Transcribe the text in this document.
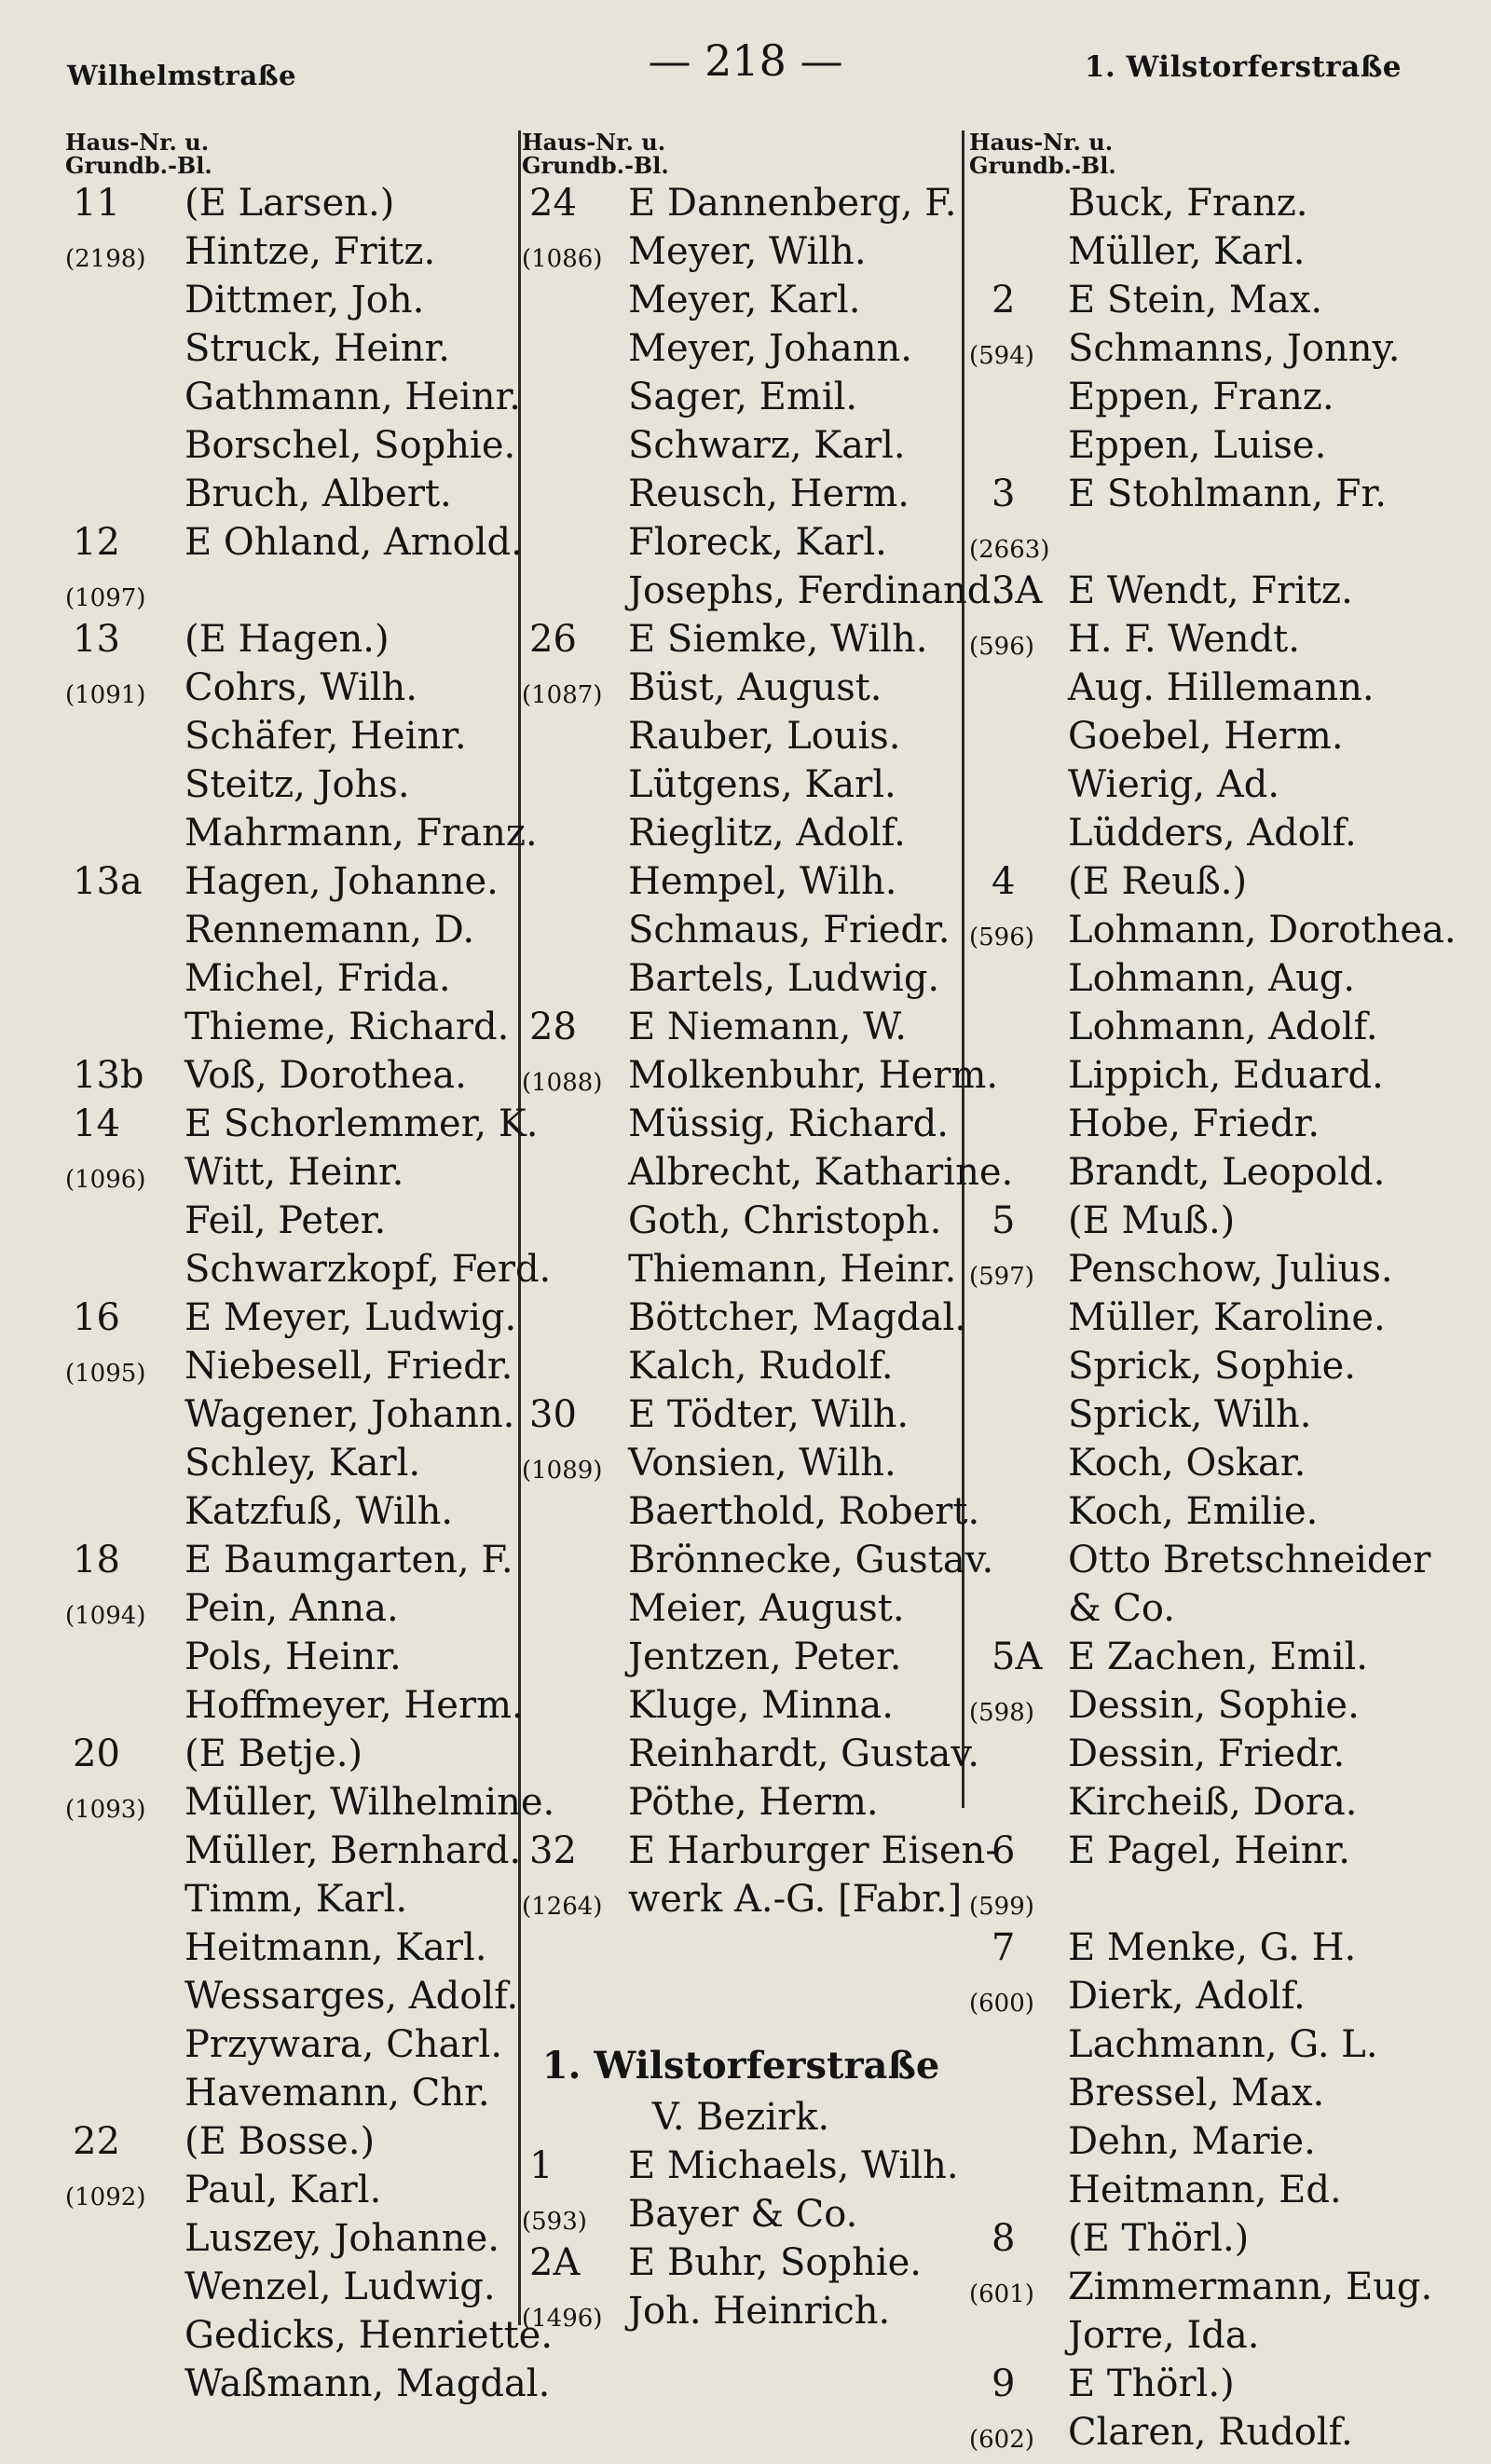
Wilhelmstraße	— 218 —	1. Wilstorferstraße
Haus-Nr. u.
Grundb.-Bl.
11 (E Larsen.)
(2198) Hintze, Fritz.
Dittmer, Joh.
Struck, Heinr.
Gathmann, Heinr.
Borschel, Sophie.
Bruch, Albert.
12 E Ohland, Arnold.
(1097)
13 (E Hagen.)
(1091) Cohrs, Wilh.
Schäfer, Heinr.
Steitz, Johs.
Mahrmann, Franz.
13a Hagen, Johanne.
Rennemann, D.
Michel, Frida.
Thieme, Richard.
13b Voß, Dorothea.
14 E Schorlemmer, K.
(1096) Witt, Heinr.
Feil, Peter.
Schwarzkopf, Ferd.
16 E Meyer, Ludwig.
(1095) Niebesell, Friedr.
Wagener, Johann.
Schley, Karl.
Katzfuß, Wilh.
18 E Baumgarten, F.
(1094) Pein, Anna.
Pols, Heinr.
Hoffmeyer, Herm.
20 (E Betje.)
(1093) Müller, Wilhelmine.
Müller, Bernhard.
Timm, Karl.
Heitmann, Karl.
Wessarges, Adolf.
Przywara, Charl.
Havemann, Chr.
22 (E Bosse.)
(1092) Paul, Karl.
Luszey, Johanne.
Wenzel, Ludwig.
Gedicks, Henriette.
Waßmann, Magdal.
Haus-Nr. u.
Grundb.-Bl.
24 E Dannenberg, F.
(1086) Meyer, Wilh.
Meyer, Karl.
Meyer, Johann.
Sager, Emil.
Schwarz, Karl.
Reusch, Herm.
Floreck, Karl.
Josephs, Ferdinand.
26 E Siemke, Wilh.
(1087) Büst, August.
Rauber, Louis.
Lütgens, Karl.
Rieglitz, Adolf.
Hempel, Wilh.
Schmaus, Friedr.
Bartels, Ludwig.
28 E Niemann, W.
(1088) Molkenbuhr, Herm.
Müssig, Richard.
Albrecht, Katharine.
Goth, Christoph.
Thiemann, Heinr.
Böttcher, Magdal.
Kalch, Rudolf.
30 E Tödter, Wilh.
(1089) Vonsien, Wilh.
Baerthold, Robert.
Brönnecke, Gustav.
Meier, August.
Jentzen, Peter.
Kluge, Minna.
Reinhardt, Gustav.
Pöthe, Herm.
32 E Harburger Eisen-
(1264) werk A.-G. [Fabr.]
1. Wilstorferstraße
V. Bezirk.
1 E Michaels, Wilh.
(593) Bayer & Co.
2A E Buhr, Sophie.
(1496) Joh. Heinrich.
Haus-Nr. u.
Grundb.-Bl.
Buck, Franz.
Müller, Karl.
2 E Stein, Max.
(594) Schmanns, Jonny.
Eppen, Franz.
Eppen, Luise.
3 E Stohlmann, Fr.
(2663)
3A E Wendt, Fritz.
(596) H. F. Wendt.
Aug. Hillemann.
Goebel, Herm.
Wierig, Ad.
Lüdders, Adolf.
4 (E Reuß.)
(596) Lohmann, Dorothea.
Lohmann, Aug.
Lohmann, Adolf.
Lippich, Eduard.
Hobe, Friedr.
Brandt, Leopold.
5 (E Muß.)
(597) Penschow, Julius.
Müller, Karoline.
Sprick, Sophie.
Sprick, Wilh.
Koch, Oskar.
Koch, Emilie.
Otto Bretschneider
& Co.
5A E Zachen, Emil.
(598) Dessin, Sophie.
Dessin, Friedr.
Kircheiß, Dora.
6 E Pagel, Heinr.
(599)
7 E Menke, G. H.
(600) Dierk, Adolf.
Lachmann, G. L.
Bressel, Max.
Dehn, Marie.
Heitmann, Ed.
8 (E Thörl.)
(601) Zimmermann, Eug.
Jorre, Ida.
9 E Thörl.)
(602) Claren, Rudolf.
